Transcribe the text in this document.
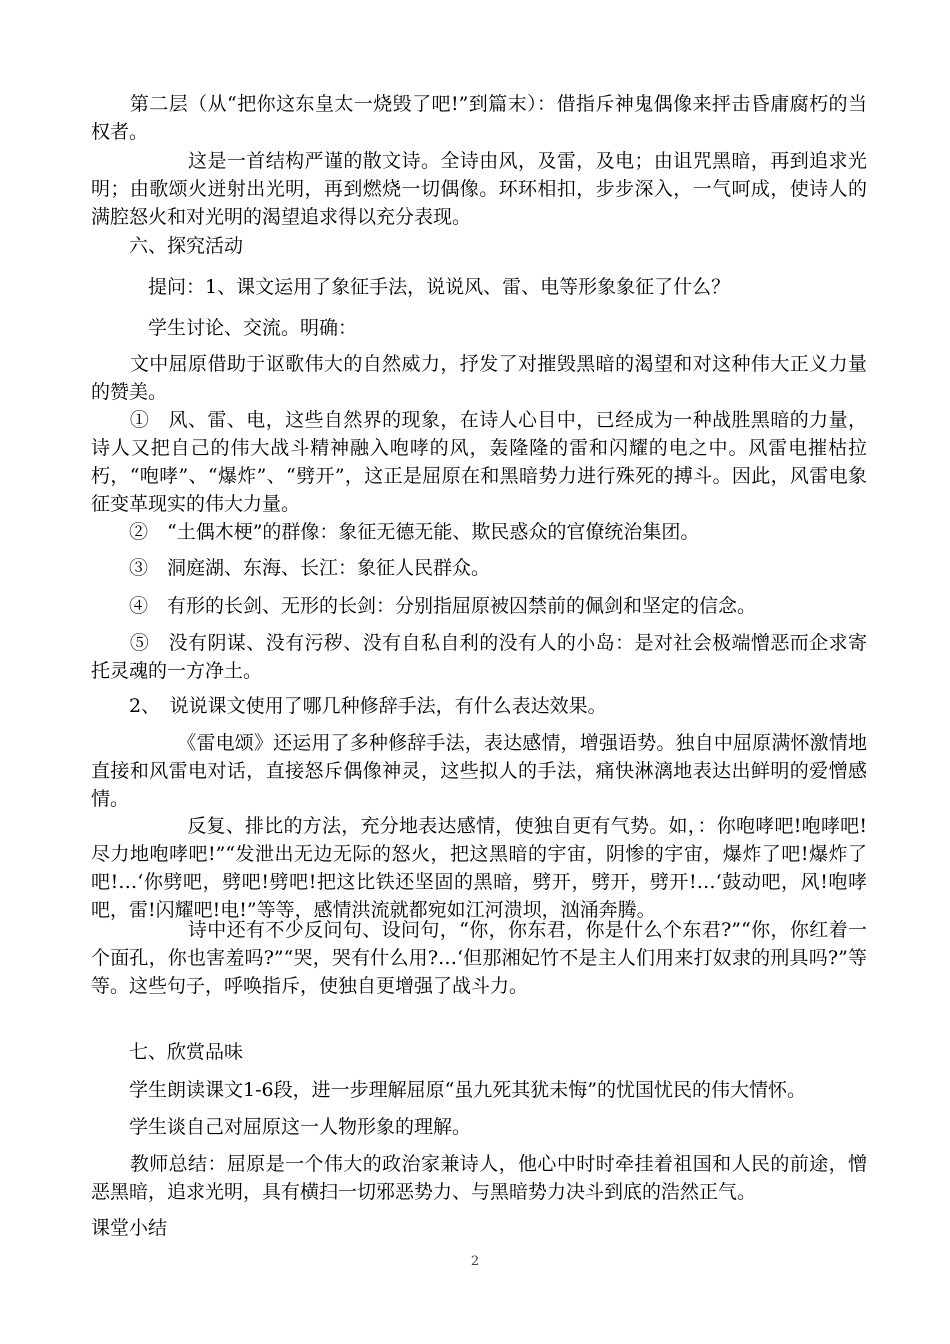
　　第二层（从“把你这东皇太一烧毁了吧!”到篇末）：借指斥神鬼偶像来抨击昏庸腐朽的当权者。

　　　　　这是一首结构严谨的散文诗。全诗由风，及雷，及电；由诅咒黑暗，再到追求光明；由歌颂火迸射出光明，再到燃烧一切偶像。环环相扣，步步深入，一气呵成，使诗人的满腔怒火和对光明的渴望追求得以充分表现。

　　六、探究活动

　　　提问：1、课文运用了象征手法，说说风、雷、电等形象象征了什么？

　　　学生讨论、交流。明确：

　　文中屈原借助于讴歌伟大的自然威力，抒发了对摧毁黑暗的渴望和对这种伟大正义力量的赞美。

　　①　风、雷、电，这些自然界的现象，在诗人心目中，已经成为一种战胜黑暗的力量，诗人又把自己的伟大战斗精神融入咆哮的风，轰隆隆的雷和闪耀的电之中。风雷电摧枯拉朽，“咆哮”、“爆炸”、“劈开”，这正是屈原在和黑暗势力进行殊死的搏斗。因此，风雷电象征变革现实的伟大力量。

　　②　“土偶木梗”的群像：象征无德无能、欺民惑众的官僚统治集团。

　　③　洞庭湖、东海、长江：象征人民群众。

　　④　有形的长剑、无形的长剑：分别指屈原被囚禁前的佩剑和坚定的信念。

　　⑤　没有阴谋、没有污秽、没有自私自利的没有人的小岛：是对社会极端憎恶而企求寄托灵魂的一方净土。

　　2、　说说课文使用了哪几种修辞手法，有什么表达效果。

　　　　　《雷电颂》还运用了多种修辞手法，表达感情，增强语势。独自中屈原满怀激情地直接和风雷电对话，直接怒斥偶像神灵，这些拟人的手法，痛快淋漓地表达出鲜明的爱憎感情。

　　　　　反复、排比的方法，充分地表达感情，使独自更有气势。如，：你咆哮吧!咆哮吧!尽力地咆哮吧!”“发泄出无边无际的怒火，把这黑暗的宇宙，阴惨的宇宙，爆炸了吧!爆炸了吧!…‘你劈吧，劈吧!劈吧!把这比铁还坚固的黑暗，劈开，劈开，劈开!…‘鼓动吧，风!咆哮吧，雷!闪耀吧!电!”等等，感情洪流就都宛如江河溃坝，汹涌奔腾。

　　　　　诗中还有不少反问句、设问句，“你，你东君，你是什么个东君?”“你，你红着一个面孔，你也害羞吗?”“哭，哭有什么用?…‘但那湘妃竹不是主人们用来打奴隶的刑具吗?”等等。这些句子，呼唤指斥，使独自更增强了战斗力。

　　七、欣赏品味

　　学生朗读课文1-6段，进一步理解屈原“虽九死其犹未悔”的忧国忧民的伟大情怀。

　　学生谈自己对屈原这一人物形象的理解。

　　教师总结：屈原是一个伟大的政治家兼诗人，他心中时时牵挂着祖国和人民的前途，憎恶黑暗，追求光明，具有横扫一切邪恶势力、与黑暗势力决斗到底的浩然正气。

课堂小结

2
